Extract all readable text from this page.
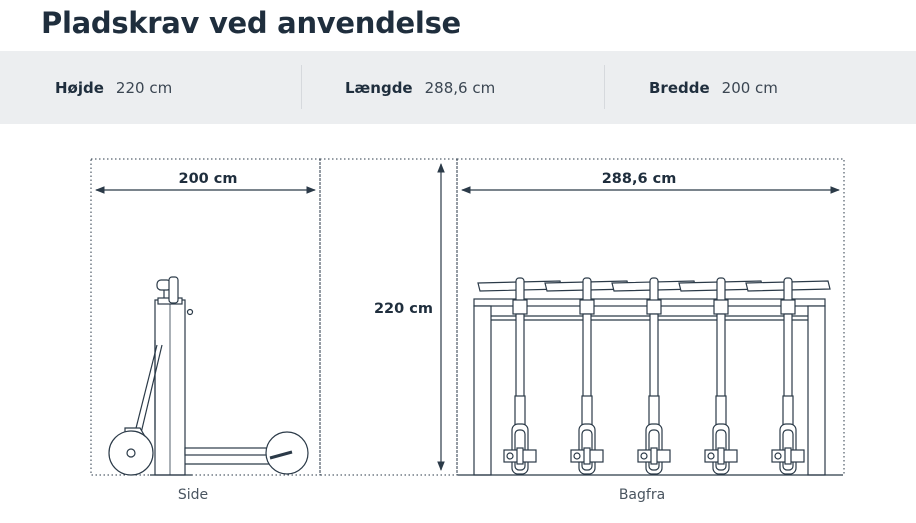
Pladskrav ved anvendelse
Højde 220 cm	Længde 288,6 cm	Bredde 200 cm
200 cm	288,6 cm
220 cm
Side	Bagfra
